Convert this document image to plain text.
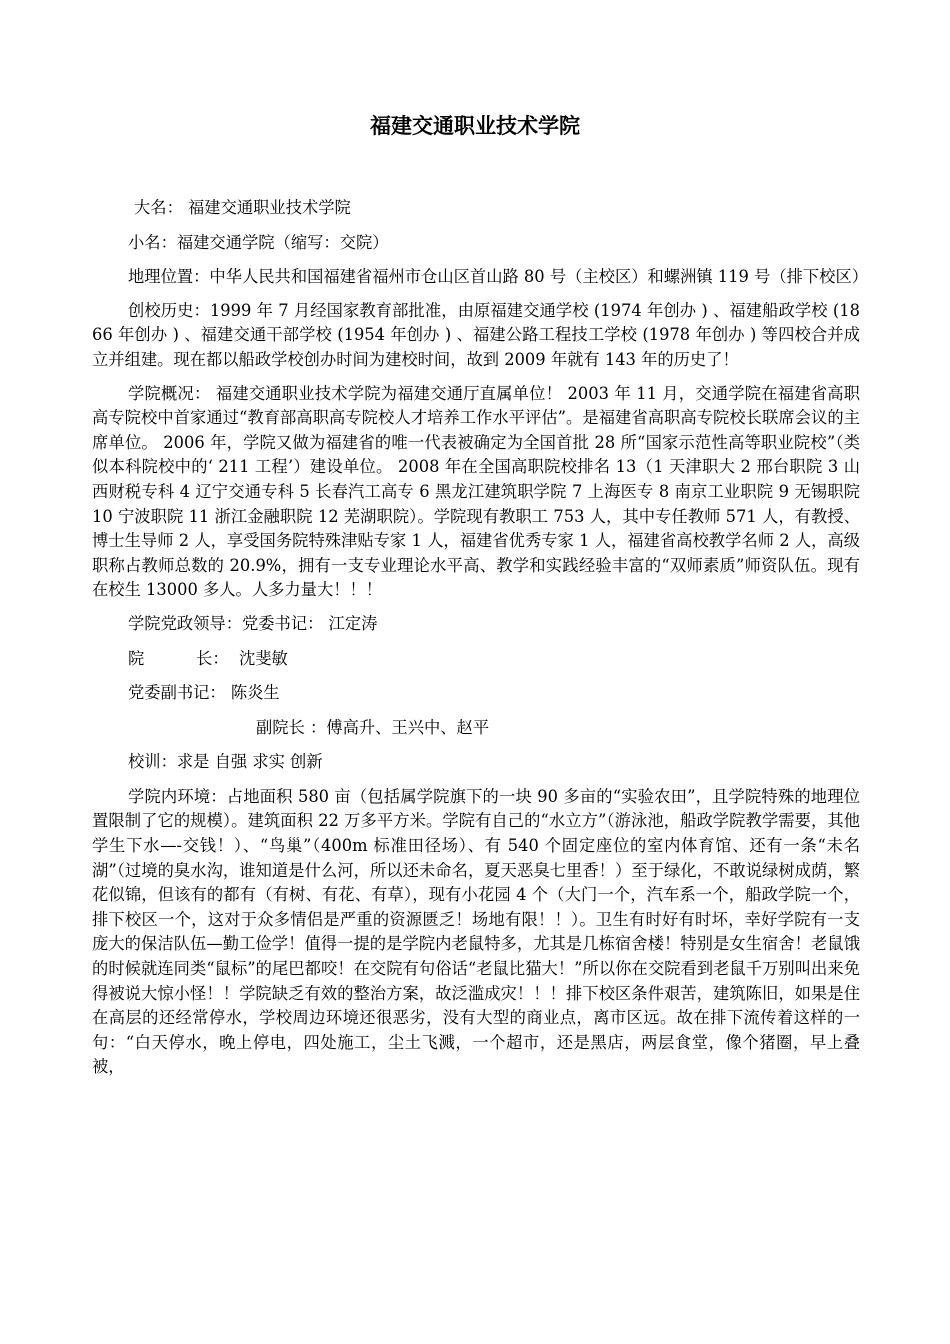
福建交通职业技术学院

大名： 福建交通职业技术学院

小名：福建交通学院（缩写：交院）

地理位置：中华人民共和国福建省福州市仓山区首山路 80 号（主校区）和螺洲镇 119 号（排下校区）

创校历史：1999 年 7 月经国家教育部批准，由原福建交通学校 (1974 年创办 ) 、福建船政学校 (1866 年创办 ) 、福建交通干部学校 (1954 年创办 ) 、福建公路工程技工学校 (1978 年创办 ) 等四校合并成立并组建。现在都以船政学校创办时间为建校时间，故到 2009 年就有 143 年的历史了！

学院概况： 福建交通职业技术学院为福建交通厅直属单位！ 2003 年 11 月，交通学院在福建省高职高专院校中首家通过“教育部高职高专院校人才培养工作水平评估”。是福建省高职高专院校长联席会议的主席单位。 2006 年，学院又做为福建省的唯一代表被确定为全国首批 28 所“国家示范性高等职业院校”（类似本科院校中的‘ 211 工程’）建设单位。 2008 年在全国高职院校排名 13（1 天津职大 2 邢台职院 3 山西财税专科 4 辽宁交通专科 5 长春汽工高专 6 黑龙江建筑职学院 7 上海医专 8 南京工业职院 9 无锡职院 10 宁波职院 11 浙江金融职院 12 芜湖职院）。学院现有教职工 753 人，其中专任教师 571 人，有教授、博士生导师 2 人，享受国务院特殊津贴专家 1 人，福建省优秀专家 1 人，福建省高校教学名师 2 人，高级职称占教师总数的 20.9%，拥有一支专业理论水平高、教学和实践经验丰富的“双师素质”师资队伍。现有在校生 13000 多人。人多力量大！！！

学院党政领导：党委书记： 江定涛

院          长：  沈斐敏

党委副书记： 陈炎生

副院长 ：傅高升、王兴中、赵平

校训：求是 自强 求实 创新

学院内环境：占地面积 580 亩（包括属学院旗下的一块 90 多亩的“实验农田”，且学院特殊的地理位置限制了它的规模）。建筑面积 22 万多平方米。学院有自己的“水立方”（游泳池，船政学院教学需要，其他学生下水—-交钱！）、“鸟巢”（400m 标准田径场）、有 540 个固定座位的室内体育馆、还有一条“未名湖”（过境的臭水沟，谁知道是什么河，所以还未命名，夏天恶臭七里香！）至于绿化，不敢说绿树成荫，繁花似锦，但该有的都有（有树、有花、有草），现有小花园 4 个（大门一个，汽车系一个，船政学院一个，排下校区一个，这对于众多情侣是严重的资源匮乏！场地有限！！）。卫生有时好有时坏，幸好学院有一支庞大的保洁队伍—勤工俭学！值得一提的是学院内老鼠特多，尤其是几栋宿舍楼！特别是女生宿舍！老鼠饿的时候就连同类“鼠标”的尾巴都咬！在交院有句俗话“老鼠比猫大！”所以你在交院看到老鼠千万别叫出来免得被说大惊小怪！！学院缺乏有效的整治方案，故泛滥成灾！！！排下校区条件艰苦，建筑陈旧，如果是住在高层的还经常停水，学校周边环境还很恶劣，没有大型的商业点，离市区远。故在排下流传着这样的一句：“白天停水，晚上停电，四处施工，尘土飞溅，一个超市，还是黑店，两层食堂，像个猪圈，早上叠被，
